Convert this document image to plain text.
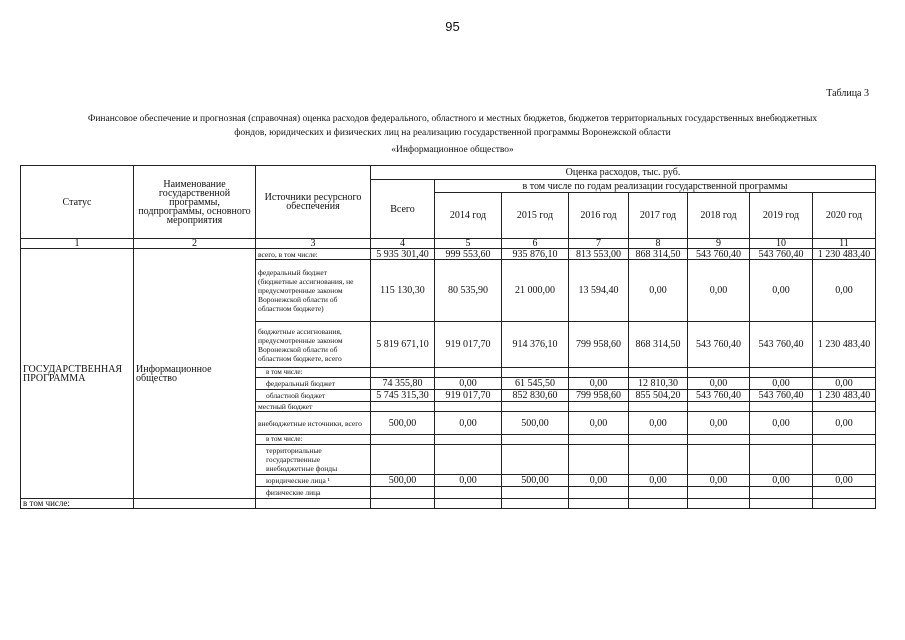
95
Таблица 3
Финансовое обеспечение и прогнозная (справочная) оценка расходов федерального, областного и местных бюджетов, бюджетов территориальных государственных внебюджетных
фондов, юридических и физических лиц на реализацию государственной программы Воронежской области
«Информационное общество»
Статус	Наименование государственной программы, подпрограммы, основного мероприятия	Источники ресурсного обеспечения	Оценка расходов, тыс. руб.							
			Всего	в том числе по годам реализации государственной программы						
				2014 год	2015 год	2016 год	2017 год	2018 год	2019 год	2020 год
1	2	3	4	5	6	7	8	9	10	11
ГОСУДАРСТВЕННАЯ ПРОГРАММА	Информационное общество	всего, в том числе:	5 935 301,40	999 553,60	935 876,10	813 553,00	868 314,50	543 760,40	543 760,40	1 230 483,40
		федеральный бюджет (бюджетные ассигнования, не предусмотренные законом Воронежской области об областном бюджете)	115 130,30	80 535,90	21 000,00	13 594,40	0,00	0,00	0,00	0,00
		бюджетные ассигнования, предусмотренные законом Воронежской области об областном бюджете, всего	5 819 671,10	919 017,70	914 376,10	799 958,60	868 314,50	543 760,40	543 760,40	1 230 483,40
		в том числе:								
		федеральный бюджет	74 355,80	0,00	61 545,50	0,00	12 810,30	0,00	0,00	0,00
		областной бюджет	5 745 315,30	919 017,70	852 830,60	799 958,60	855 504,20	543 760,40	543 760,40	1 230 483,40
		местный бюджет								
		внебюджетные источники, всего	500,00	0,00	500,00	0,00	0,00	0,00	0,00	0,00
		в том числе:								
		территориальные государственные внебюджетные фонды								
		юридические лица ¹	500,00	0,00	500,00	0,00	0,00	0,00	0,00	0,00
		физические лица								
в том числе:										
